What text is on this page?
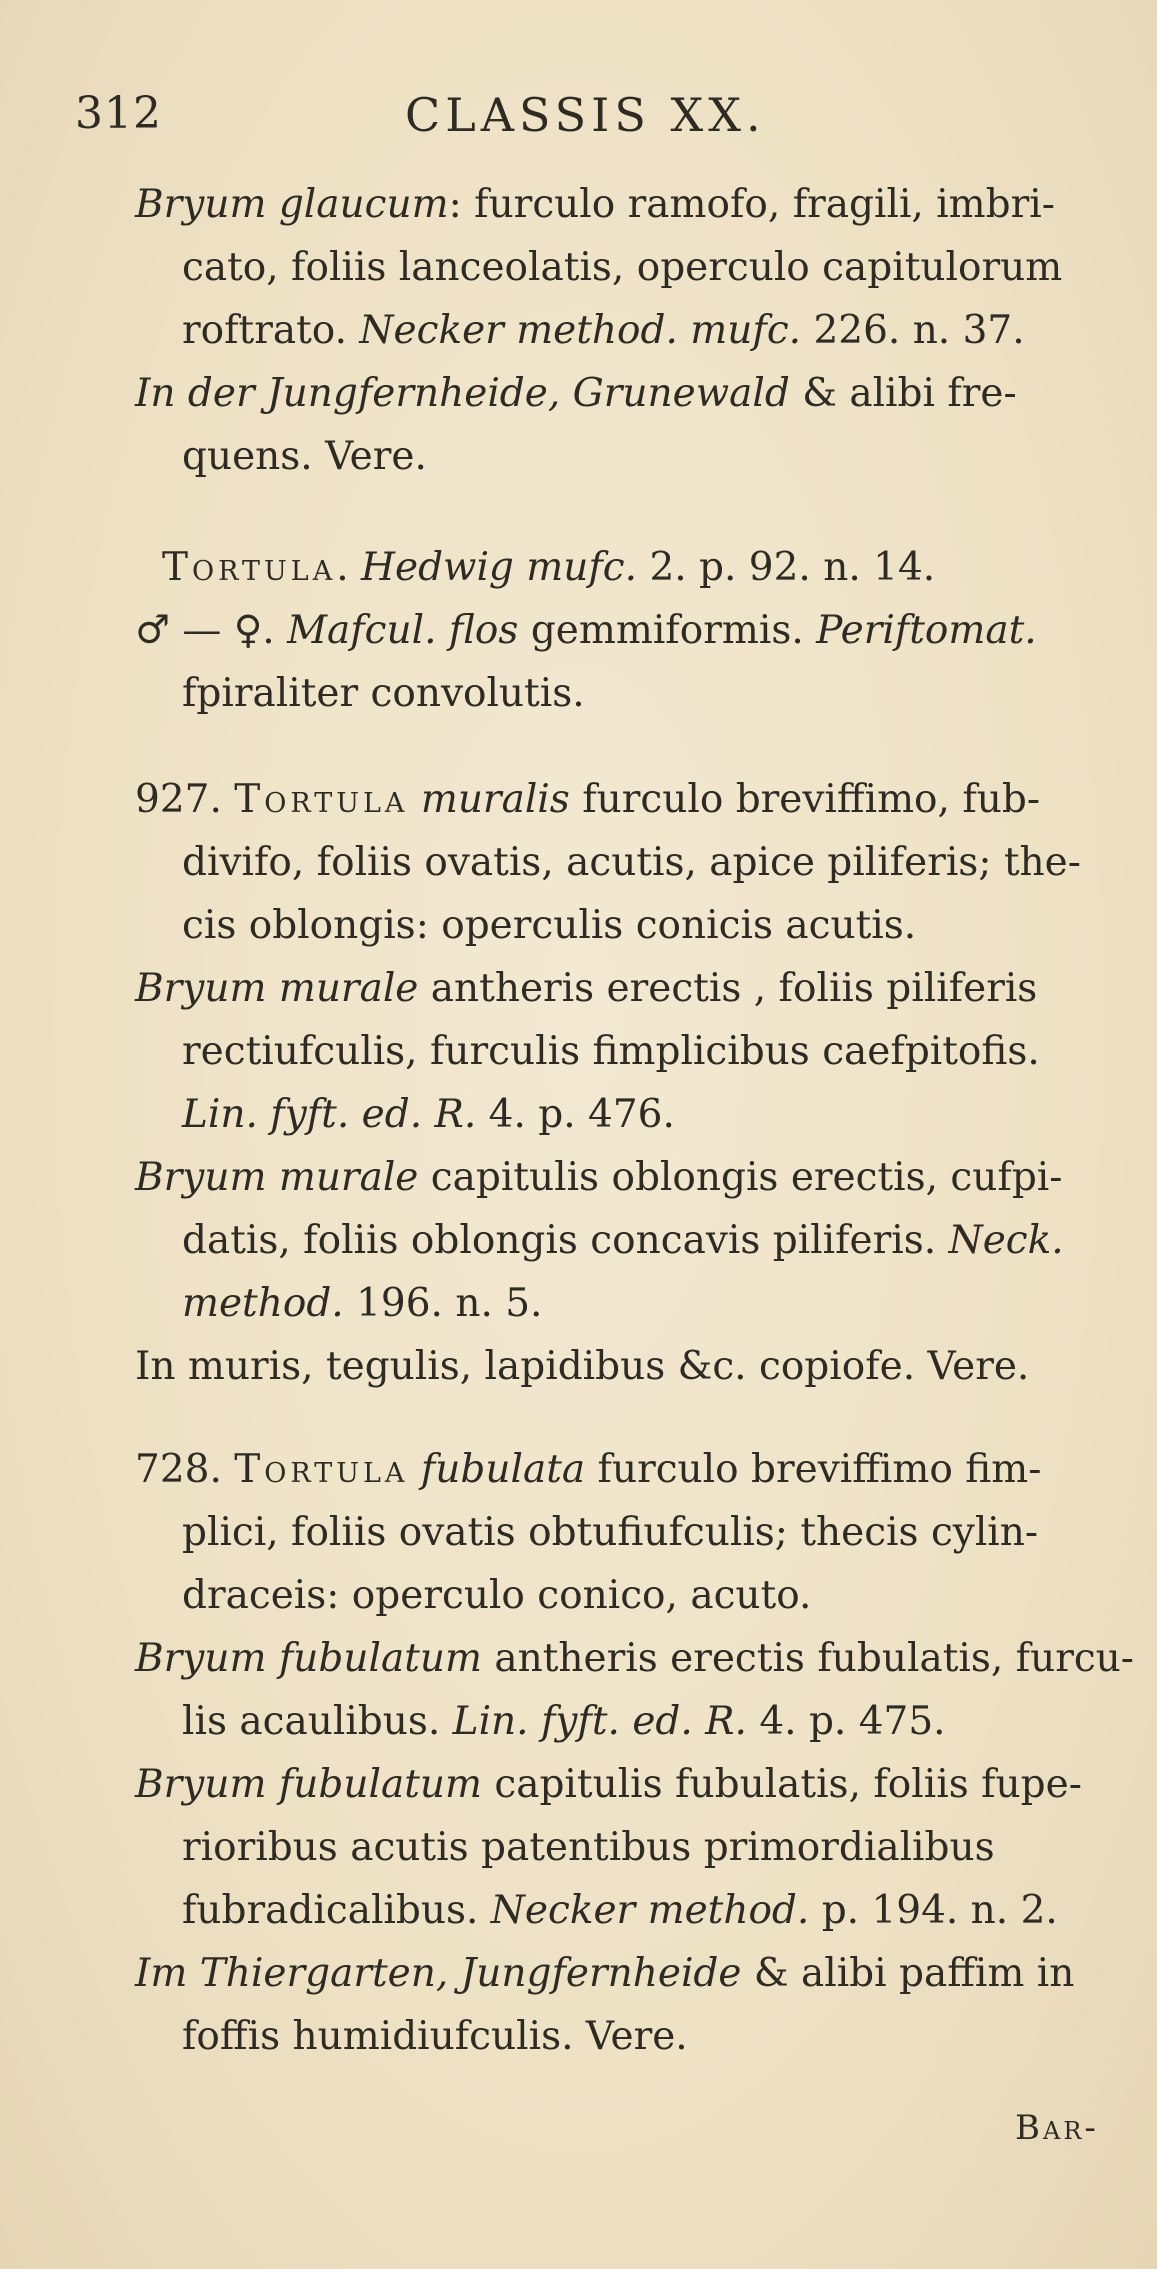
312	CLASSIS XX.
Bryum glaucum: furculo ramofo, fragili, imbri-
cato, foliis lanceolatis, operculo capitulorum
roftrato. Necker method. mufc. 226. n. 37.
In der Jungfernheide, Grunewald & alibi fre-
quens. Vere.
Tortula. Hedwig mufc. 2. p. 92. n. 14.
♂ — ♀. Mafcul. flos gemmiformis. Periftomat.
fpiraliter convolutis.
927. Tortula muralis furculo breviffimo, fub-
divifo, foliis ovatis, acutis, apice piliferis; the-
cis oblongis: operculis conicis acutis.
Bryum murale antheris erectis , foliis piliferis
rectiufculis, furculis fimplicibus caefpitofis.
Lin. fyft. ed. R. 4. p. 476.
Bryum murale capitulis oblongis erectis, cufpi-
datis, foliis oblongis concavis piliferis. Neck.
method. 196. n. 5.
In muris, tegulis, lapidibus &c. copiofe. Vere.
728. Tortula fubulata furculo breviffimo fim-
plici, foliis ovatis obtufiufculis; thecis cylin-
draceis: operculo conico, acuto.
Bryum fubulatum antheris erectis fubulatis, furcu-
lis acaulibus. Lin. fyft. ed. R. 4. p. 475.
Bryum fubulatum capitulis fubulatis, foliis fupe-
rioribus acutis patentibus primordialibus
fubradicalibus. Necker method. p. 194. n. 2.
Im Thiergarten, Jungfernheide & alibi paffim in
foffis humidiufculis. Vere.
Bar-
